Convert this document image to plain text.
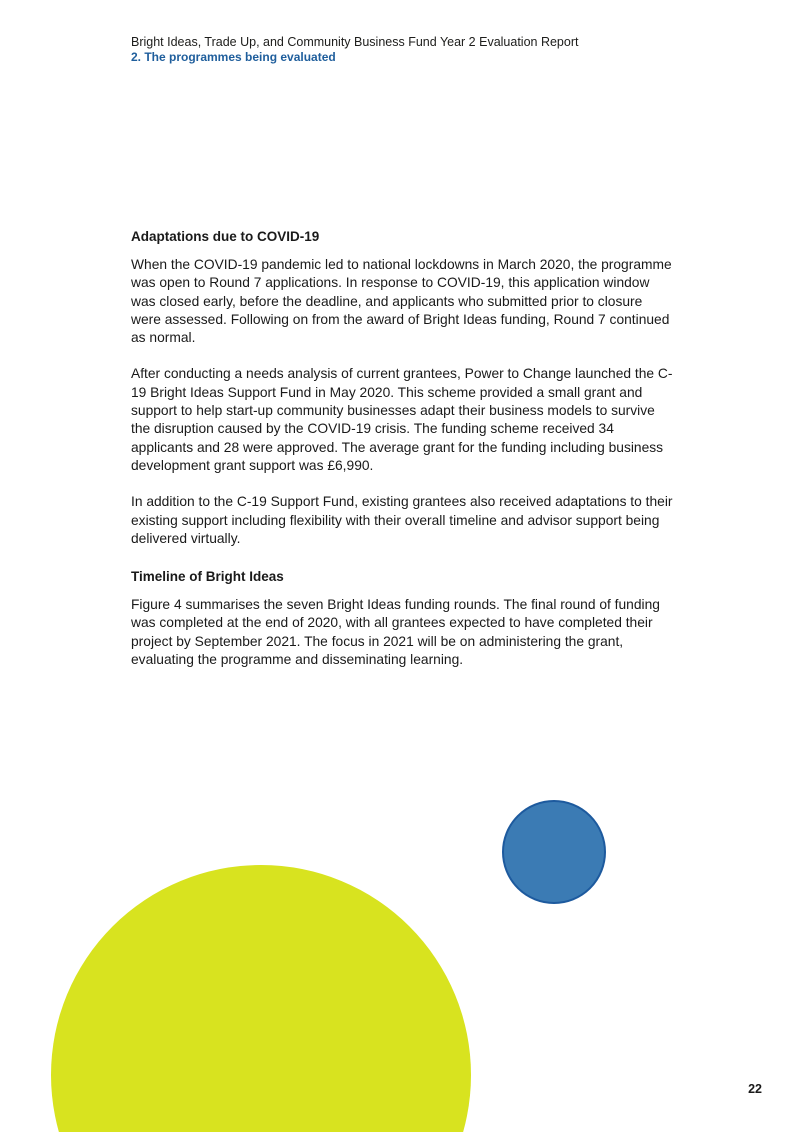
Bright Ideas, Trade Up, and Community Business Fund Year 2 Evaluation Report
2. The programmes being evaluated
Adaptations due to COVID-19

When the COVID-19 pandemic led to national lockdowns in March 2020, the programme was open to Round 7 applications. In response to COVID-19, this application window was closed early, before the deadline, and applicants who submitted prior to closure were assessed. Following on from the award of Bright Ideas funding, Round 7 continued as normal.

After conducting a needs analysis of current grantees, Power to Change launched the C-19 Bright Ideas Support Fund in May 2020. This scheme provided a small grant and support to help start-up community businesses adapt their business models to survive the disruption caused by the COVID-19 crisis. The funding scheme received 34 applicants and 28 were approved. The average grant for the funding including business development grant support was £6,990.

In addition to the C-19 Support Fund, existing grantees also received adaptations to their existing support including flexibility with their overall timeline and advisor support being delivered virtually.

Timeline of Bright Ideas

Figure 4 summarises the seven Bright Ideas funding rounds. The final round of funding was completed at the end of 2020, with all grantees expected to have completed their project by September 2021. The focus in 2021 will be on administering the grant, evaluating the programme and disseminating learning.

22
